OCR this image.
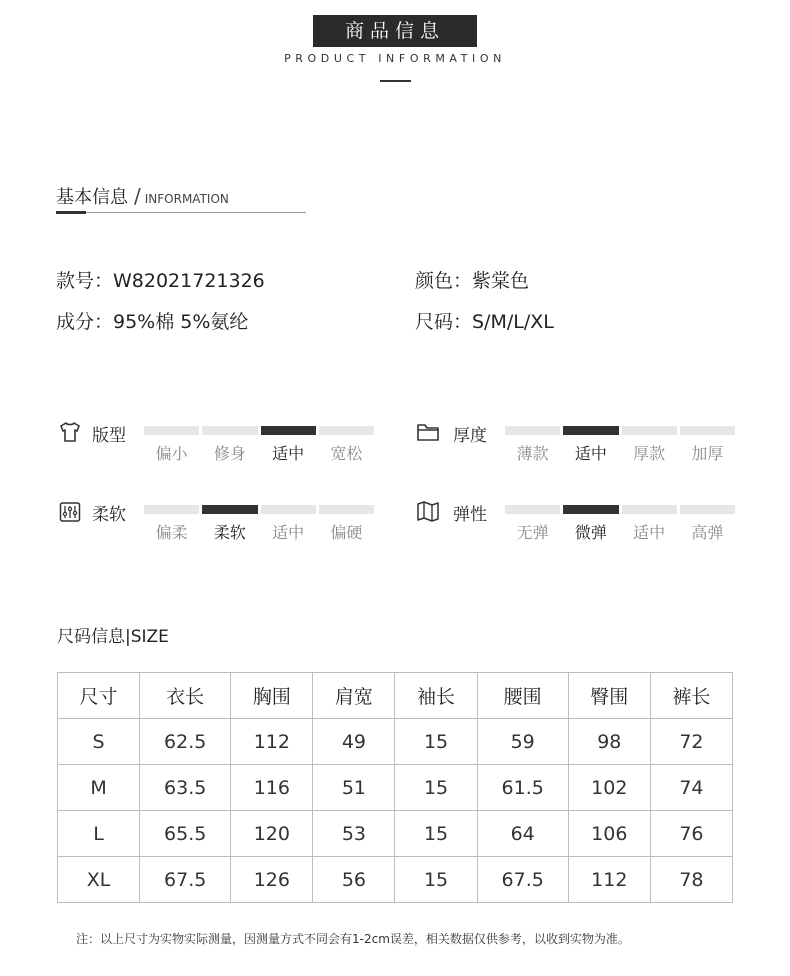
商品信息
PRODUCT INFORMATION
基本信息 / INFORMATION
款号：W82021721326	颜色：紫棠色
成分：95%棉 5%氨纶	尺码：S/M/L/XL
版型
偏小	修身	适中	宽松
厚度
薄款	适中	厚款	加厚
柔软
偏柔	柔软	适中	偏硬
弹性
无弹	微弹	适中	高弹
尺码信息|SIZE
尺寸	衣长	胸围	肩宽	袖长	腰围	臀围	裤长
S	62.5	112	49	15	59	98	72
M	63.5	116	51	15	61.5	102	74
L	65.5	120	53	15	64	106	76
XL	67.5	126	56	15	67.5	112	78
注：以上尺寸为实物实际测量，因测量方式不同会有1-2cm误差，相关数据仅供参考，以收到实物为准。
